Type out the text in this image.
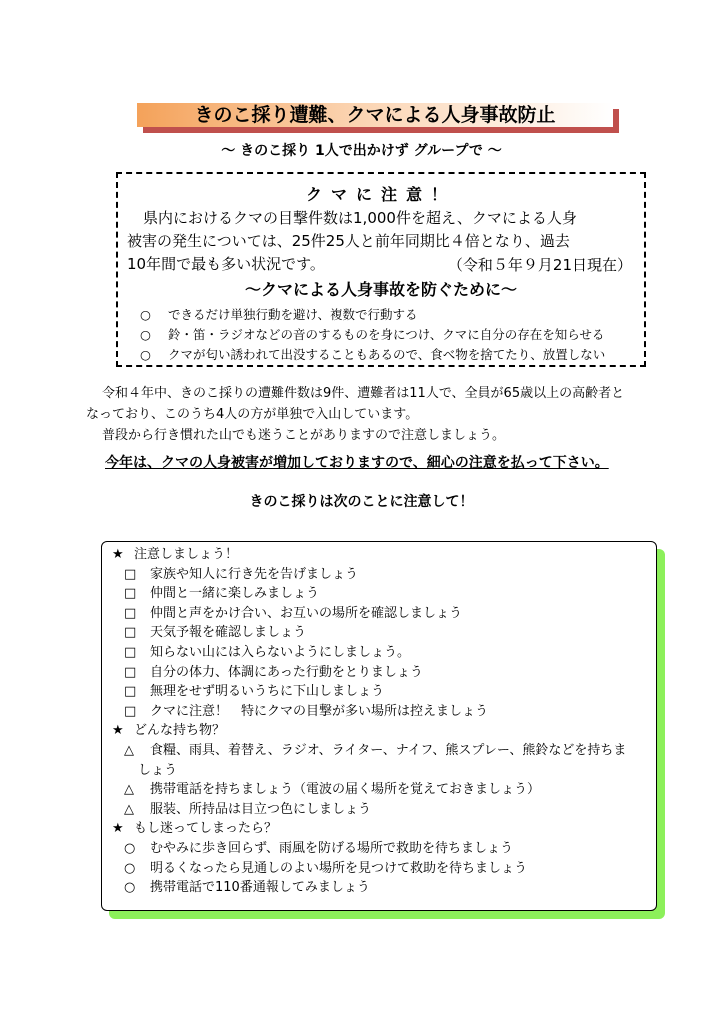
きのこ採り遭難、クマによる人身事故防止
～ きのこ採り 1人で出かけず グループで ～
クマに注意！
県内におけるクマの目撃件数は1,000件を超え、クマによる人身
被害の発生については、25件25人と前年同期比４倍となり、過去
10年間で最も多い状況です。	（令和５年９月21日現在）
～クマによる人身事故を防ぐために～
○ できるだけ単独行動を避け、複数で行動する
○ 鈴・笛・ラジオなどの音のするものを身につけ、クマに自分の存在を知らせる
○ クマが匂い誘われて出没することもあるので、食べ物を捨てたり、放置しない
令和４年中、きのこ採りの遭難件数は9件、遭難者は11人で、全員が65歳以上の高齢者と
なっており、このうち4人の方が単独で入山しています。
普段から行き慣れた山でも迷うことがありますので注意しましょう。
今年は、クマの人身被害が増加しておりますので、細心の注意を払って下さい。
きのこ採りは次のことに注意して！
★ 注意しましょう！
□ 家族や知人に行き先を告げましょう
□ 仲間と一緒に楽しみましょう
□ 仲間と声をかけ合い、お互いの場所を確認しましょう
□ 天気予報を確認しましょう
□ 知らない山には入らないようにしましょう。
□ 自分の体力、体調にあった行動をとりましょう
□ 無理をせず明るいうちに下山しましょう
□ クマに注意！　特にクマの目撃が多い場所は控えましょう
★ どんな持ち物？
△ 食糧、雨具、着替え、ラジオ、ライター、ナイフ、熊スプレー、熊鈴などを持ちま
しょう
△ 携帯電話を持ちましょう（電波の届く場所を覚えておきましょう）
△ 服装、所持品は目立つ色にしましょう
★ もし迷ってしまったら？
○ むやみに歩き回らず、雨風を防げる場所で救助を待ちましょう
○ 明るくなったら見通しのよい場所を見つけて救助を待ちましょう
○ 携帯電話で110番通報してみましょう
